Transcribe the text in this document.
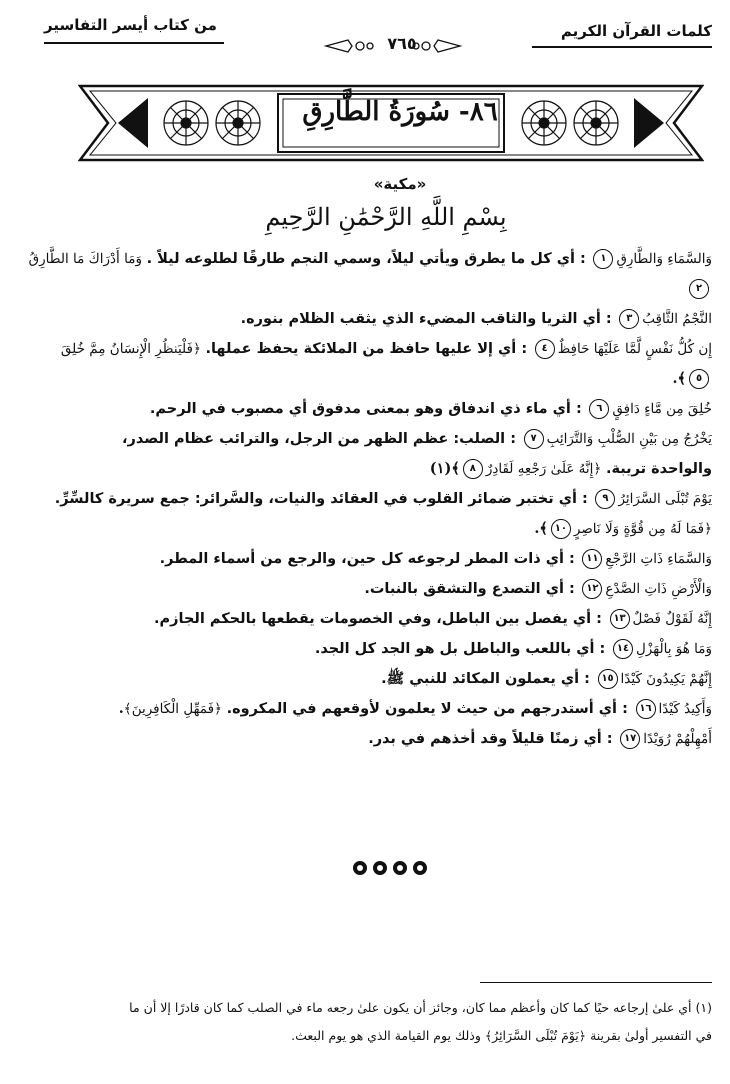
كلمات القرآن الكريم
من كتاب أيسر التفاسير
٧٦٥
٨٦- سُورَةُ الطَّارِقِ
«مكية»
بِسْمِ اللَّهِ الرَّحْمَٰنِ الرَّحِيمِ

وَالسَّمَاءِ وَالطَّارِقِ١ : أي كل ما يطرق ويأتي ليلاً، وسمي النجم طارقًا لطلوعه ليلاً . وَمَا أَدْرَاكَ مَا الطَّارِقُ

٢

النَّجْمُ الثَّاقِبُ٣ : أي الثريا والثاقب المضيء الذي يثقب الظلام بنوره.

إِن كُلُّ نَفْسٍ لَّمَّا عَلَيْهَا حَافِظٌ٤ : أي إلا عليها حافظ من الملائكة يحفظ عملها. ﴿فَلْيَنظُرِ الْإِنسَانُ مِمَّ خُلِقَ

٥﴾.

خُلِقَ مِن مَّاءٍ دَافِقٍ٦ : أي ماء ذي اندفاق وهو بمعنى مدفوق أي مصبوب في الرحم.

يَخْرُجُ مِن بَيْنِ الصُّلْبِ وَالتَّرَائِبِ٧ : الصلب: عظم الظهر من الرجل، والترائب عظام الصدر،

والواحدة تريبة. ﴿إِنَّهُ عَلَىٰ رَجْعِهِ لَقَادِرٌ٨﴾(١)

يَوْمَ تُبْلَى السَّرَائِرُ٩ : أي تختبر ضمائر القلوب في العقائد والنيات، والسَّرائر: جمع سريرة كالسِّرِّ.

﴿فَمَا لَهُ مِن قُوَّةٍ وَلَا نَاصِرٍ١٠﴾.

وَالسَّمَاءِ ذَاتِ الرَّجْعِ١١ : أي ذات المطر لرجوعه كل حين، والرجع من أسماء المطر.

وَالْأَرْضِ ذَاتِ الصَّدْعِ١٢ : أي التصدع والتشقق بالنبات.

إِنَّهُ لَقَوْلٌ فَصْلٌ١٣ : أي يفصل بين الباطل، وفي الخصومات يقطعها بالحكم الجازم.

وَمَا هُوَ بِالْهَزْلِ١٤ : أي باللعب والباطل بل هو الجد كل الجد.

إِنَّهُمْ يَكِيدُونَ كَيْدًا١٥ : أي يعملون المكائد للنبي ﷺ.

وَأَكِيدُ كَيْدًا١٦ : أي أستدرجهم من حيث لا يعلمون لأوقعهم في المكروه. ﴿فَمَهِّلِ الْكَافِرِينَ﴾.

أَمْهِلْهُمْ رُوَيْدًا١٧ : أي زمنًا قليلاً وقد أخذهم في بدر.

(١) أي علىٰ إرجاعه حيًا كما كان وأعظم مما كان، وجائز أن يكون علىٰ رجعه ماء في الصلب كما كان قادرًا إلا أن ما

في التفسير أولىٰ بقرينة ﴿يَوْمَ تُبْلَى السَّرَائِرُ﴾ وذلك يوم القيامة الذي هو يوم البعث.
